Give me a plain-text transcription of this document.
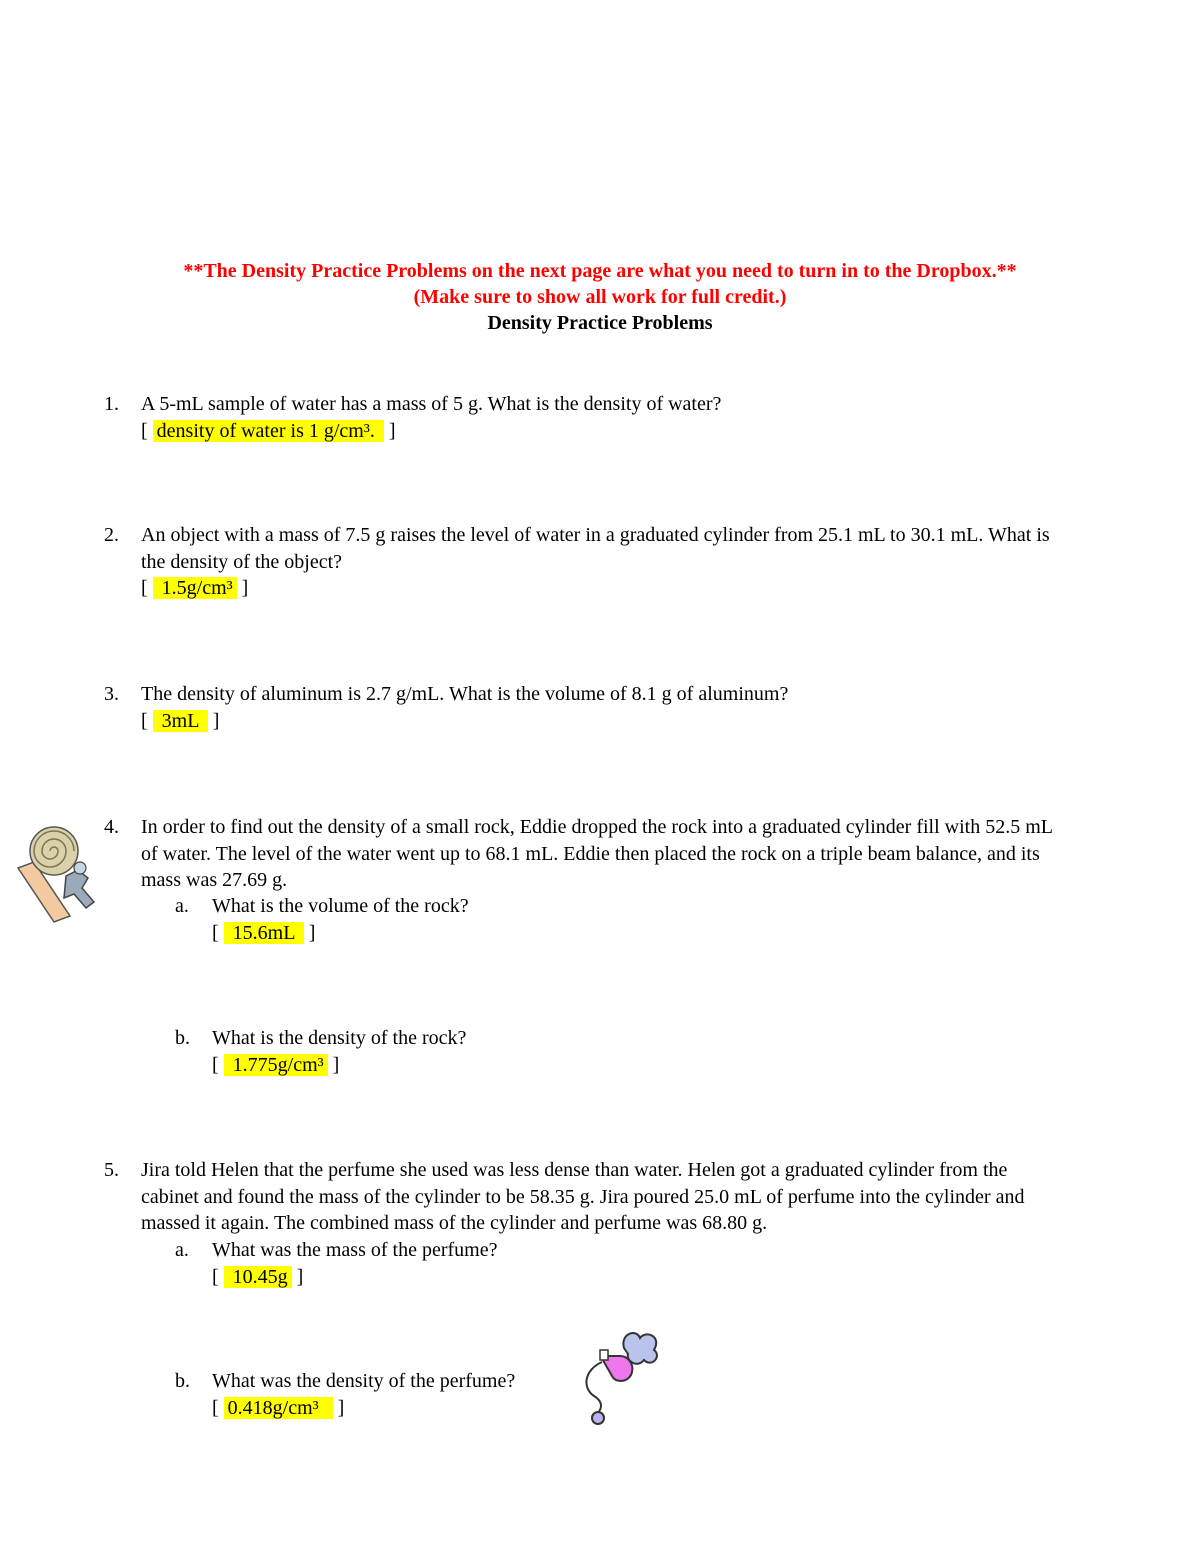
**The Density Practice Problems on the next page are what you need to turn in to the Dropbox.**
(Make sure to show all work for full credit.)
Density Practice Problems
1. A 5-mL sample of water has a mass of 5 g. What is the density of water?
[ density of water is 1 g/cm³.  ]
2. An object with a mass of 7.5 g raises the level of water in a graduated cylinder from 25.1 mL to 30.1 mL. What is
the density of the object?
[  1.5g/cm³ ]
3. The density of aluminum is 2.7 g/mL. What is the volume of 8.1 g of aluminum?
[  3mL  ]
4. In order to find out the density of a small rock, Eddie dropped the rock into a graduated cylinder fill with 52.5 mL
of water. The level of the water went up to 68.1 mL. Eddie then placed the rock on a triple beam balance, and its
mass was 27.69 g.
a. What is the volume of the rock?
[  15.6mL  ]
b. What is the density of the rock?
[  1.775g/cm³ ]
5. Jira told Helen that the perfume she used was less dense than water. Helen got a graduated cylinder from the
cabinet and found the mass of the cylinder to be 58.35 g. Jira poured 25.0 mL of perfume into the cylinder and
massed it again. The combined mass of the cylinder and perfume was 68.80 g.
a. What was the mass of the perfume?
[  10.45g ]
b. What was the density of the perfume?
[ 0.418g/cm³   ]
